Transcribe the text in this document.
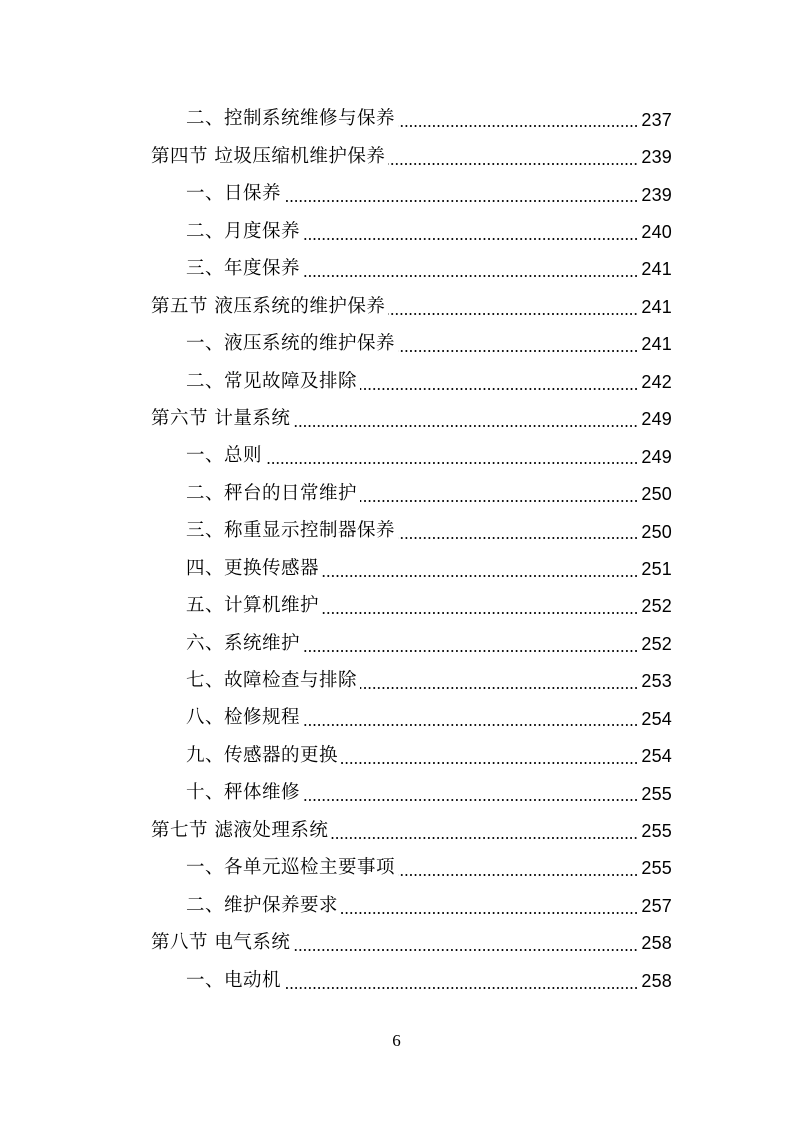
二、控制系统维修与保养	237
第四节 垃圾压缩机维护保养	239
一、日保养	239
二、月度保养	240
三、年度保养	241
第五节 液压系统的维护保养	241
一、液压系统的维护保养	241
二、常见故障及排除	242
第六节 计量系统	249
一、总则	249
二、秤台的日常维护	250
三、称重显示控制器保养	250
四、更换传感器	251
五、计算机维护	252
六、系统维护	252
七、故障检查与排除	253
八、检修规程	254
九、传感器的更换	254
十、秤体维修	255
第七节 滤液处理系统	255
一、各单元巡检主要事项	255
二、维护保养要求	257
第八节 电气系统	258
一、电动机	258
6
